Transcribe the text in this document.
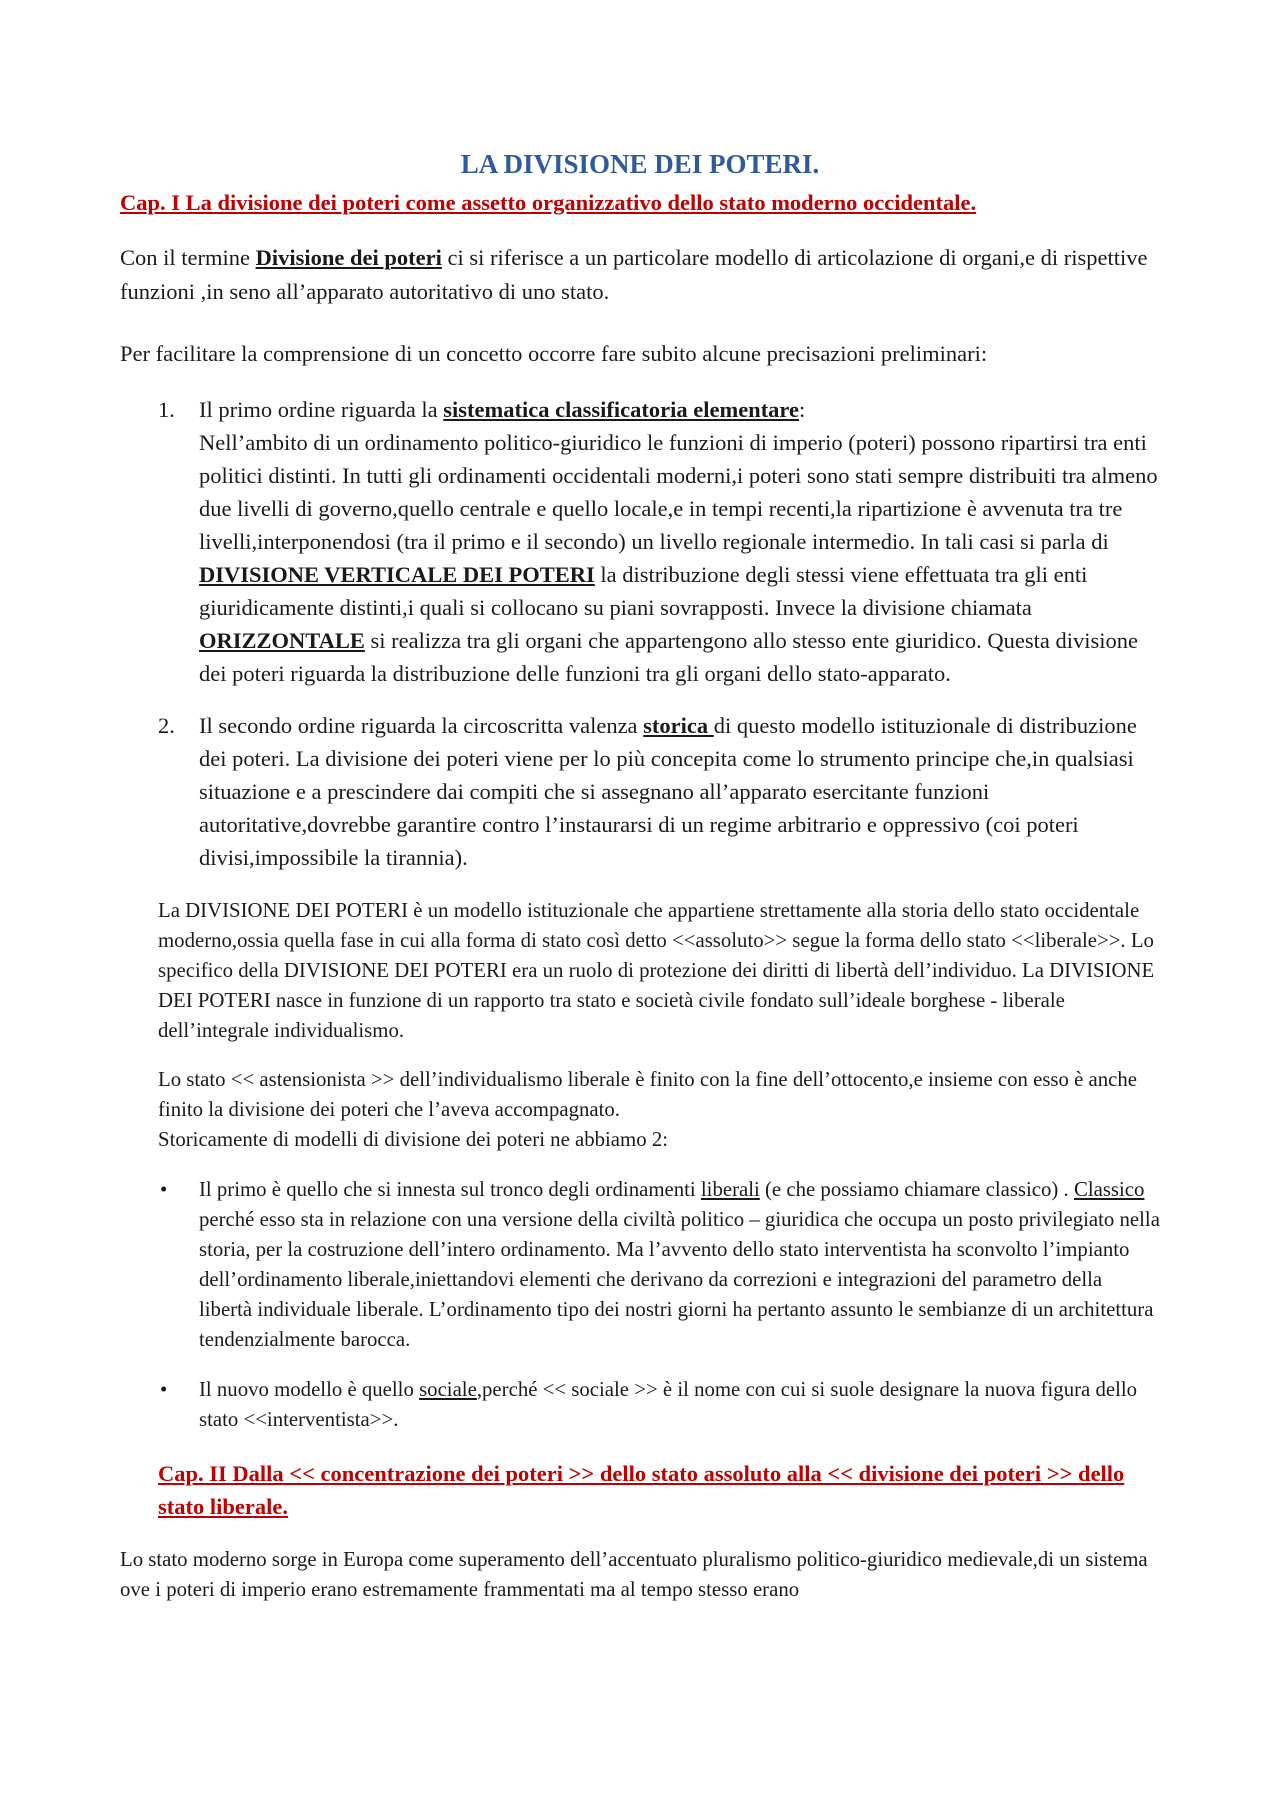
LA DIVISIONE DEI POTERI.

Cap. I La divisione dei poteri come assetto organizzativo dello stato moderno occidentale.

Con il termine Divisione dei poteri ci si riferisce a un particolare modello di articolazione di organi,e di rispettive funzioni ,in seno all’apparato autoritativo di uno stato.

Per facilitare la comprensione di un concetto occorre fare subito alcune precisazioni preliminari:

1. Il primo ordine riguarda la sistematica classificatoria elementare:
Nell’ambito di un ordinamento politico-giuridico le funzioni di imperio (poteri) possono ripartirsi tra enti politici distinti. In tutti gli ordinamenti occidentali moderni,i poteri sono stati sempre distribuiti tra almeno due livelli di governo,quello centrale e quello locale,e in tempi recenti,la ripartizione è avvenuta tra tre livelli,interponendosi (tra il primo e il secondo) un livello regionale intermedio. In tali casi si parla di DIVISIONE VERTICALE DEI POTERI la distribuzione degli stessi viene effettuata tra gli enti giuridicamente distinti,i quali si collocano su piani sovrapposti. Invece la divisione chiamata ORIZZONTALE si realizza tra gli organi che appartengono allo stesso ente giuridico. Questa divisione dei poteri riguarda la distribuzione delle funzioni tra gli organi dello stato-apparato.
2. Il secondo ordine riguarda la circoscritta valenza storica di questo modello istituzionale di distribuzione dei poteri. La divisione dei poteri viene per lo più concepita come lo strumento principe che,in qualsiasi situazione e a prescindere dai compiti che si assegnano all’apparato esercitante funzioni autoritative,dovrebbe garantire contro l’instaurarsi di un regime arbitrario e oppressivo (coi poteri divisi,impossibile la tirannia).

La DIVISIONE DEI POTERI è un modello istituzionale che appartiene strettamente alla storia dello stato occidentale moderno,ossia quella fase in cui alla forma di stato così detto <<assoluto>> segue la forma dello stato <<liberale>>. Lo specifico della DIVISIONE DEI POTERI era un ruolo di protezione dei diritti di libertà dell’individuo. La DIVISIONE DEI POTERI nasce in funzione di un rapporto tra stato e società civile fondato sull’ideale borghese - liberale dell’integrale individualismo.

Lo stato << astensionista >> dell’individualismo liberale è finito con la fine dell’ottocento,e insieme con esso è anche finito la divisione dei poteri che l’aveva accompagnato.
Storicamente di modelli di divisione dei poteri ne abbiamo 2:

• Il primo è quello che si innesta sul tronco degli ordinamenti liberali (e che possiamo chiamare classico) . Classico perché esso sta in relazione con una versione della civiltà politico – giuridica che occupa un posto privilegiato nella storia, per la costruzione dell’intero ordinamento. Ma l’avvento dello stato interventista ha sconvolto l’impianto dell’ordinamento liberale,iniettandovi elementi che derivano da correzioni e integrazioni del parametro della libertà individuale liberale. L’ordinamento tipo dei nostri giorni ha pertanto assunto le sembianze di un architettura tendenzialmente barocca.
• Il nuovo modello è quello sociale,perché << sociale >> è il nome con cui si suole designare la nuova figura dello stato <<interventista>>.

Cap. II Dalla << concentrazione dei poteri >> dello stato assoluto alla << divisione dei poteri >> dello stato liberale.

Lo stato moderno sorge in Europa come superamento dell’accentuato pluralismo politico-giuridico medievale,di un sistema ove i poteri di imperio erano estremamente frammentati ma al tempo stesso erano
